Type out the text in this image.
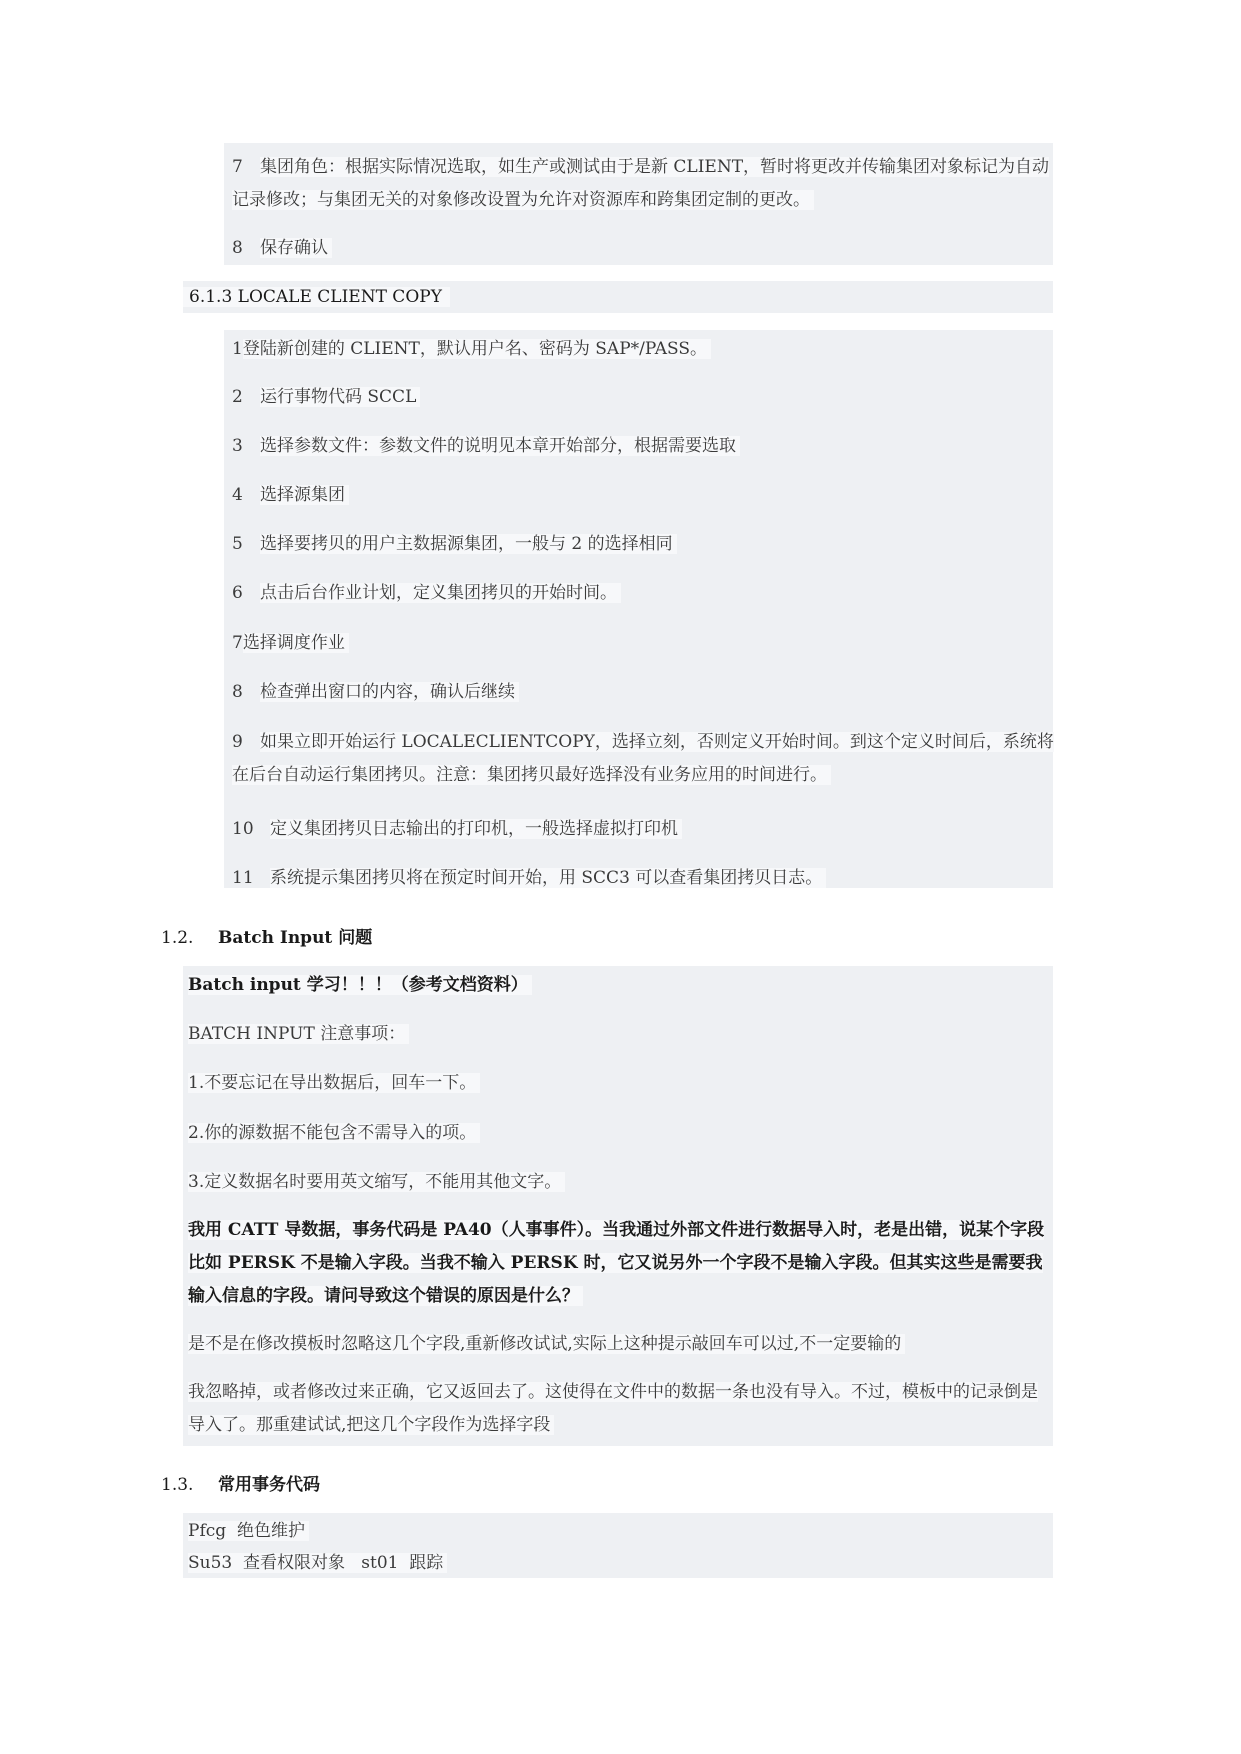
7 集团角色：根据实际情况选取，如生产或测试由于是新 CLIENT，暂时将更改并传输集团对象标记为自动记录修改；与集团无关的对象修改设置为允许对资源库和跨集团定制的更改。
8 保存确认
6.1.3 LOCALE CLIENT COPY
1登陆新创建的 CLIENT，默认用户名、密码为 SAP*/PASS。
2 运行事物代码 SCCL
3 选择参数文件：参数文件的说明见本章开始部分，根据需要选取
4 选择源集团
5 选择要拷贝的用户主数据源集团，一般与 2 的选择相同
6 点击后台作业计划，定义集团拷贝的开始时间。
7选择调度作业
8 检查弹出窗口的内容，确认后继续
9 如果立即开始运行 LOCALECLIENTCOPY，选择立刻，否则定义开始时间。到这个定义时间后，系统将在后台自动运行集团拷贝。注意：集团拷贝最好选择没有业务应用的时间进行。
10 定义集团拷贝日志输出的打印机，一般选择虚拟打印机
11 系统提示集团拷贝将在预定时间开始，用 SCC3 可以查看集团拷贝日志。
1.2. Batch Input 问题
Batch input 学习！！！（参考文档资料）
BATCH INPUT 注意事项：
1.不要忘记在导出数据后，回车一下。
2.你的源数据不能包含不需导入的项。
3.定义数据名时要用英文缩写，不能用其他文字。
我用 CATT 导数据，事务代码是 PA40（人事事件）。当我通过外部文件进行数据导入时，老是出错，说某个字段比如 PERSK 不是输入字段。当我不输入 PERSK 时，它又说另外一个字段不是输入字段。但其实这些是需要我输入信息的字段。请问导致这个错误的原因是什么？
是不是在修改摸板时忽略这几个字段,重新修改试试,实际上这种提示敲回车可以过,不一定要输的
我忽略掉，或者修改过来正确，它又返回去了。这使得在文件中的数据一条也没有导入。不过，模板中的记录倒是导入了。那重建试试,把这几个字段作为选择字段
1.3. 常用事务代码
Pfcg 绝色维护
Su53 查看权限对象 st01 跟踪
